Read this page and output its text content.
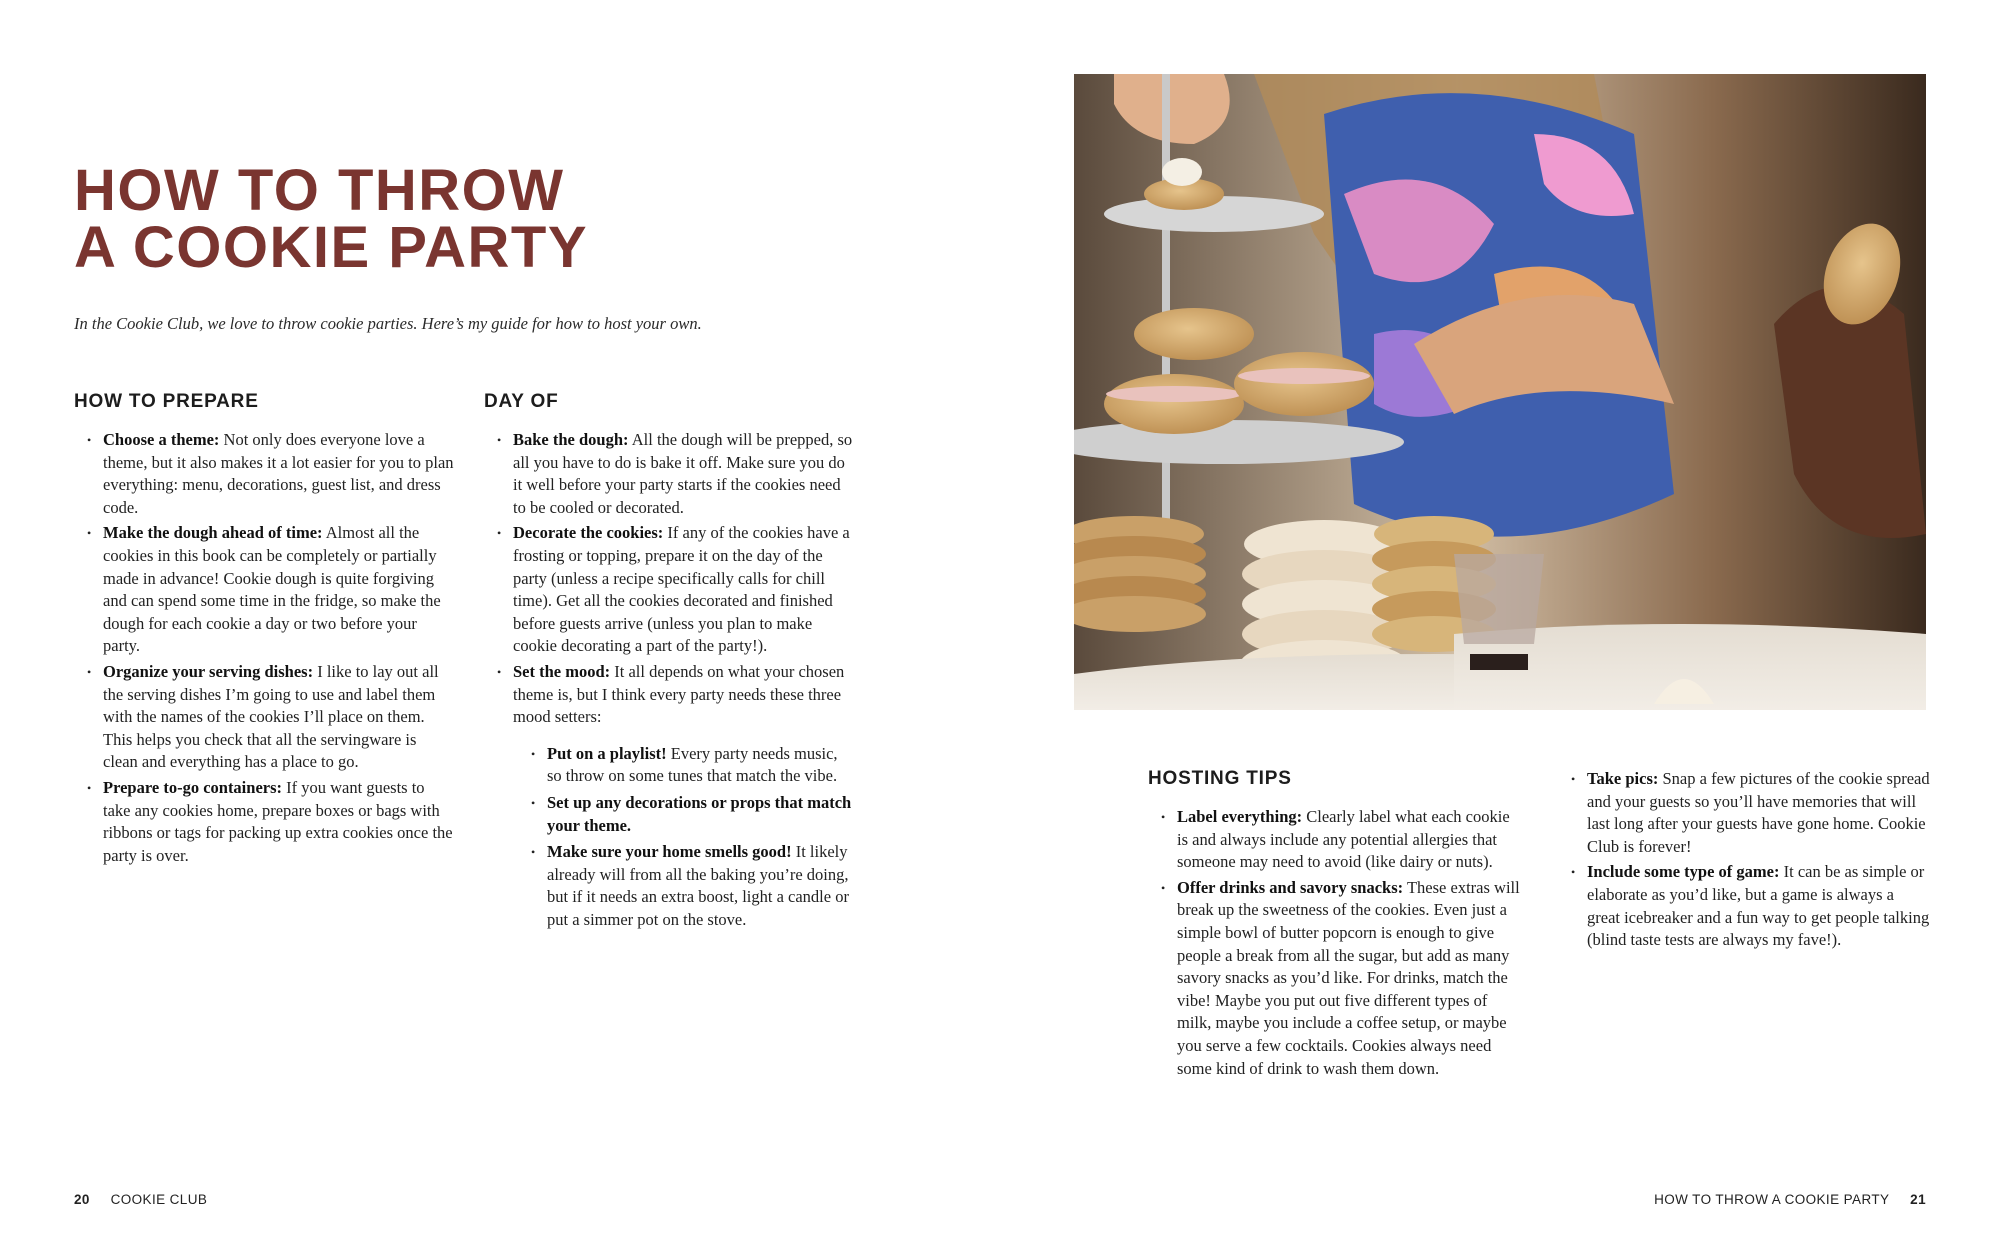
HOW TO THROW
A COOKIE PARTY

In the Cookie Club, we love to throw cookie parties. Here’s my guide for how to host your own.

HOW TO PREPARE
• Choose a theme: Not only does everyone love a theme, but it also makes it a lot easier for you to plan everything: menu, decorations, guest list, and dress code.
• Make the dough ahead of time: Almost all the cookies in this book can be completely or partially made in advance! Cookie dough is quite forgiving and can spend some time in the fridge, so make the dough for each cookie a day or two before your party.
• Organize your serving dishes: I like to lay out all the serving dishes I’m going to use and label them with the names of the cookies I’ll place on them. This helps you check that all the servingware is clean and everything has a place to go.
• Prepare to-go containers: If you want guests to take any cookies home, prepare boxes or bags with ribbons or tags for packing up extra cookies once the party is over.
DAY OF
• Bake the dough: All the dough will be prepped, so all you have to do is bake it off. Make sure you do it well before your party starts if the cookies need to be cooled or decorated.
• Decorate the cookies: If any of the cookies have a frosting or topping, prepare it on the day of the party (unless a recipe specifically calls for chill time). Get all the cookies decorated and finished before guests arrive (unless you plan to make cookie decorating a part of the party!).
• Set the mood: It all depends on what your chosen theme is, but I think every party needs these three mood setters:
• Put on a playlist! Every party needs music, so throw on some tunes that match the vibe.
• Set up any decorations or props that match your theme.
• Make sure your home smells good! It likely already will from all the baking you’re doing, but if it needs an extra boost, light a candle or put a simmer pot on the stove.

20 COOKIE CLUB

HOSTING TIPS
• Label everything: Clearly label what each cookie is and always include any potential allergies that someone may need to avoid (like dairy or nuts).
• Offer drinks and savory snacks: These extras will break up the sweetness of the cookies. Even just a simple bowl of butter popcorn is enough to give people a break from all the sugar, but add as many savory snacks as you’d like. For drinks, match the vibe! Maybe you put out five different types of milk, maybe you include a coffee setup, or maybe you serve a few cocktails. Cookies always need some kind of drink to wash them down.
• Take pics: Snap a few pictures of the cookie spread and your guests so you’ll have memories that will last long after your guests have gone home. Cookie Club is forever!
• Include some type of game: It can be as simple or elaborate as you’d like, but a game is always a great icebreaker and a fun way to get people talking (blind taste tests are always my fave!).

HOW TO THROW A COOKIE PARTY 21
